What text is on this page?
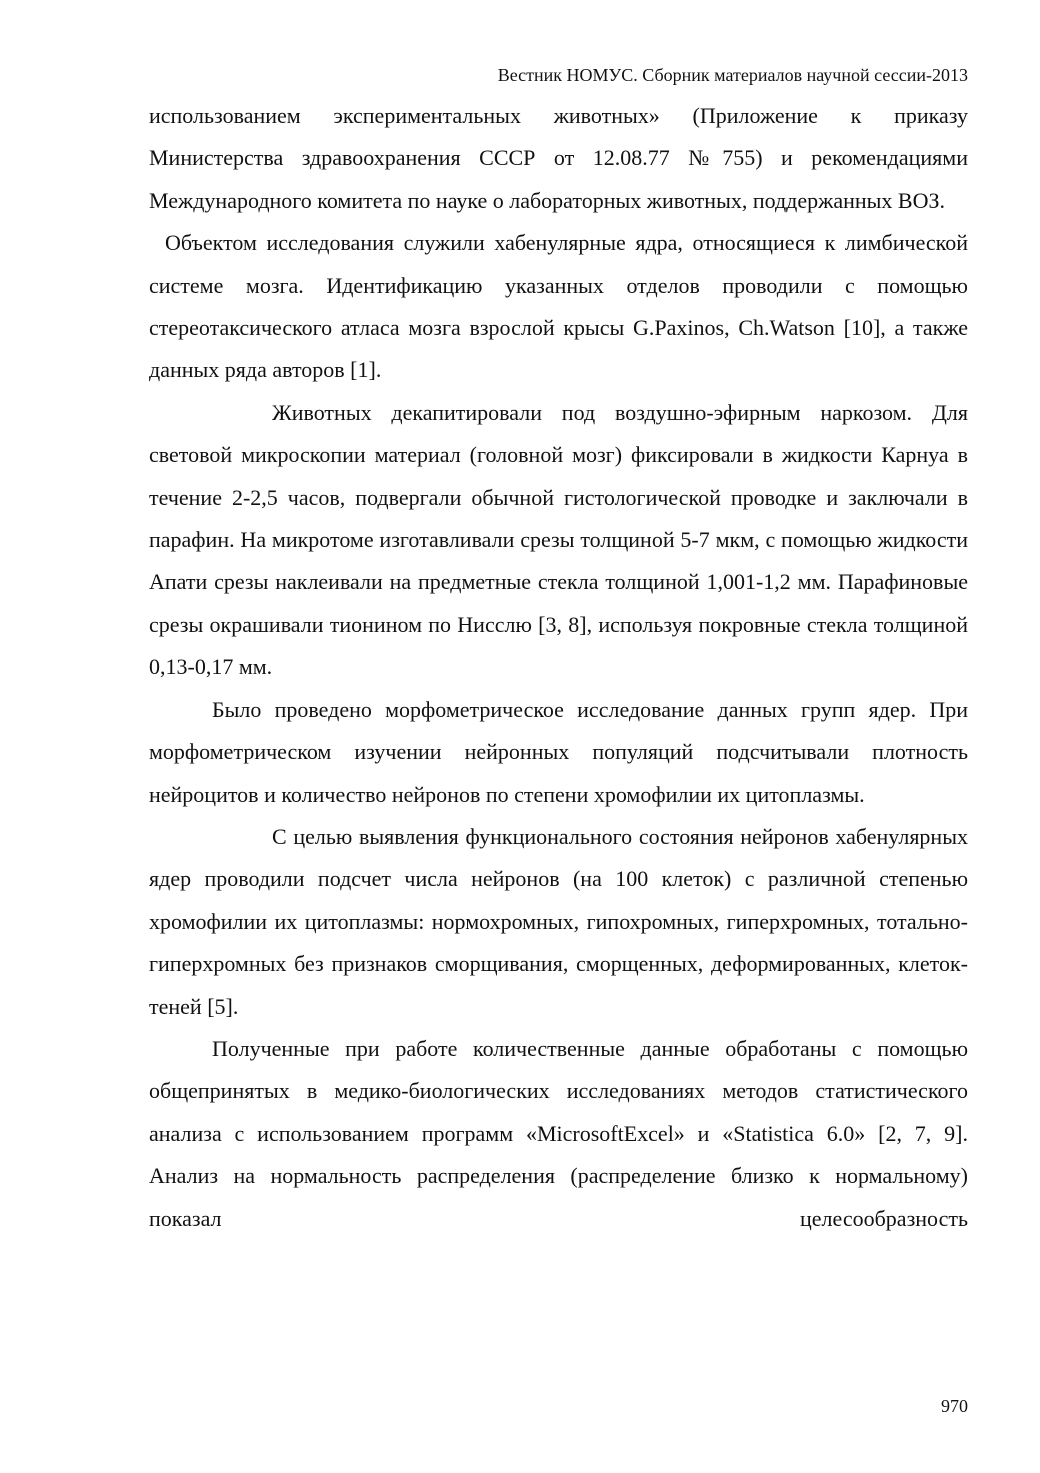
Вестник НОМУС. Сборник материалов научной сессии-2013

использованием экспериментальных животных» (Приложение к приказу Министерства здравоохранения СССР от 12.08.77 №755) и рекомендациями Международного комитета по науке о лабораторных животных, поддержанных ВОЗ.

Объектом исследования служили хабенулярные ядра, относящиеся к лимбической системе мозга. Идентификацию указанных отделов проводили с помощью стереотаксического атласа мозга взрослой крысы G.Paxinos, Ch.Watson [10], а также данных ряда авторов [1].

Животных декапитировали под воздушно-эфирным наркозом. Для световой микроскопии материал (головной мозг) фиксировали в жидкости Карнуа в течение 2-2,5 часов, подвергали обычной гистологической проводке и заключали в парафин. На микротоме изготавливали срезы толщиной 5-7 мкм, с помощью жидкости Апати срезы наклеивали на предметные стекла толщиной 1,001-1,2 мм. Парафиновые срезы окрашивали тионином по Нисслю [3, 8], используя покровные стекла толщиной 0,13-0,17 мм.

Было проведено морфометрическое исследование данных групп ядер. При морфометрическом изучении нейронных популяций подсчитывали плотность нейроцитов и количество нейронов по степени хромофилии их цитоплазмы.

С целью выявления функционального состояния нейронов хабенулярных ядер проводили подсчет числа нейронов (на 100 клеток) с различной степенью хромофилии их цитоплазмы: нормохромных, гипохромных, гиперхромных, тотально-гиперхромных без признаков сморщивания, сморщенных, деформированных, клеток-теней [5].

Полученные при работе количественные данные обработаны с помощью общепринятых в медико-биологических исследованиях методов статистического анализа с использованием программ «MicrosoftExcel» и «Statistica 6.0» [2, 7, 9]. Анализ на нормальность распределения (распределение близко к нормальному) показал целесообразность

970
